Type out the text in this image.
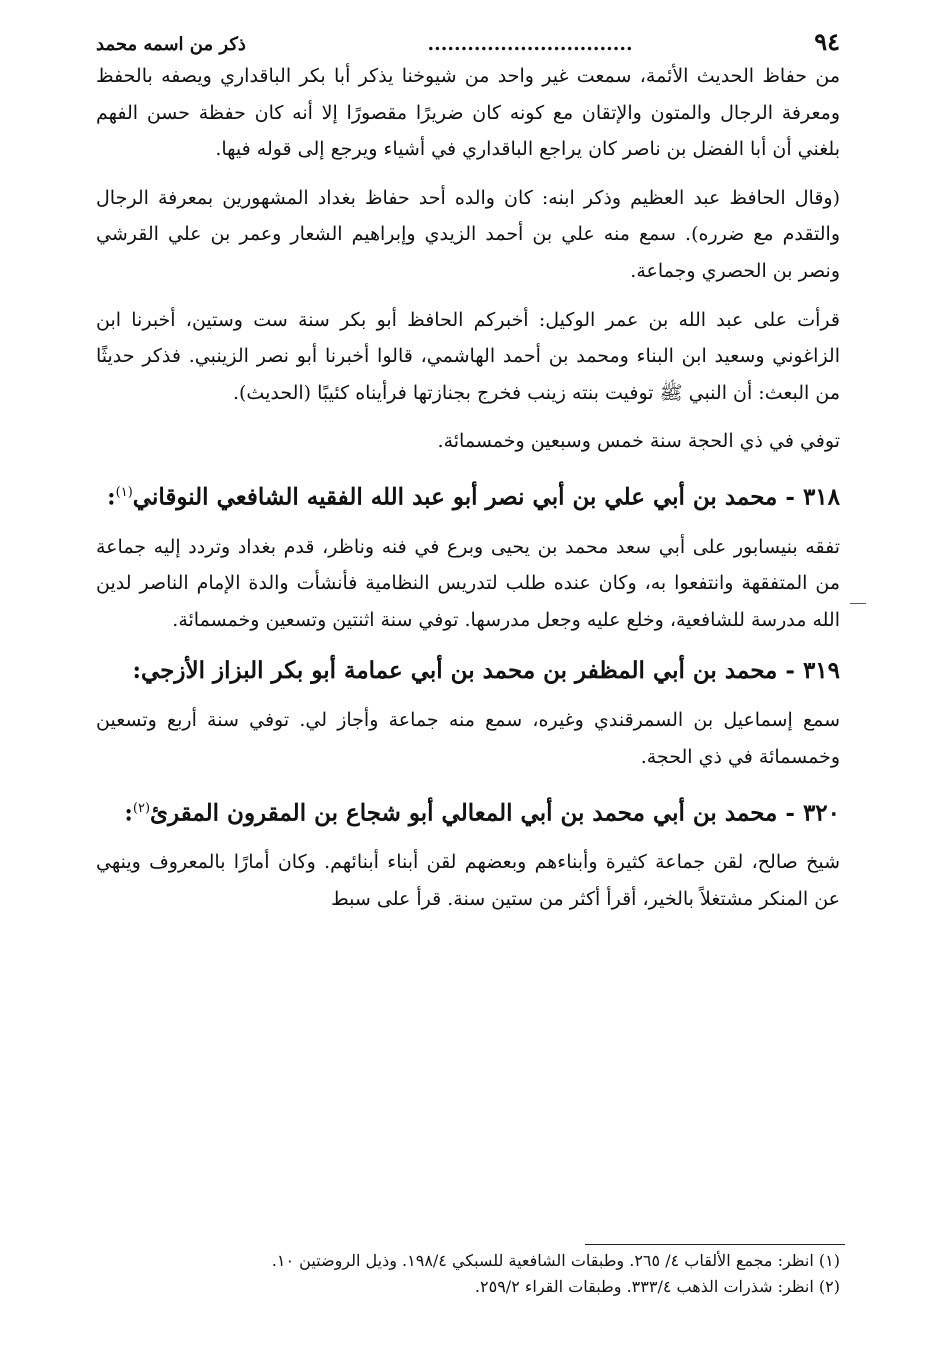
٩٤
...............................
ذكر من اسمه محمد

من حفاظ الحديث الأئمة، سمعت غير واحد من شيوخنا يذكر أبا بكر الباقداري ويصفه بالحفظ ومعرفة الرجال والمتون والإتقان مع كونه كان ضريرًا مقصورًا إلا أنه كان حفظة حسن الفهم بلغني أن أبا الفضل بن ناصر كان يراجع الباقداري في أشياء ويرجع إلى قوله فيها.

(وقال الحافظ عبد العظيم وذكر ابنه: كان والده أحد حفاظ بغداد المشهورين بمعرفة الرجال والتقدم مع ضرره). سمع منه علي بن أحمد الزيدي وإبراهيم الشعار وعمر بن علي القرشي ونصر بن الحصري وجماعة.

قرأت على عبد الله بن عمر الوكيل: أخبركم الحافظ أبو بكر سنة ست وستين، أخبرنا ابن الزاغوني وسعيد ابن البناء ومحمد بن أحمد الهاشمي، قالوا أخبرنا أبو نصر الزينبي. فذكر حديثًا من البعث: أن النبي ﷺ توفيت بنته زينب فخرج بجنازتها فرأيناه كئيبًا (الحديث).

توفي في ذي الحجة سنة خمس وسبعين وخمسمائة.

٣١٨ - محمد بن أبي علي بن أبي نصر أبو عبد الله الفقيه الشافعي النوقاني$^{(١)}$:

تفقه بنيسابور على أبي سعد محمد بن يحيى وبرع في فنه وناظر، قدم بغداد وتردد إليه جماعة من المتفقهة وانتفعوا به، وكان عنده طلب لتدريس النظامية فأنشأت والدة الإمام الناصر لدين الله مدرسة للشافعية، وخلع عليه وجعل مدرسها. توفي سنة اثنتين وتسعين وخمسمائة.

٣١٩ - محمد بن أبي المظفر بن محمد بن أبي عمامة أبو بكر البزاز الأزجي:

سمع إسماعيل بن السمرقندي وغيره، سمع منه جماعة وأجاز لي. توفي سنة أربع وتسعين وخمسمائة في ذي الحجة.

٣٢٠ - محمد بن أبي محمد بن أبي المعالي أبو شجاع بن المقرون المقرئ$^{(٢)}$:

شيخ صالح، لقن جماعة كثيرة وأبناءهم وبعضهم لقن أبناء أبنائهم. وكان أمارًا بالمعروف وينهي عن المنكر مشتغلاً بالخير، أقرأ أكثر من ستين سنة. قرأ على سبط

(١) انظر: مجمع الألقاب ٤/ ٢٦٥. وطبقات الشافعية للسبكي ١٩٨/٤. وذيل الروضتين ١٠.

(٢) انظر: شذرات الذهب ٣٣٣/٤. وطبقات القراء ٢٥٩/٢.
